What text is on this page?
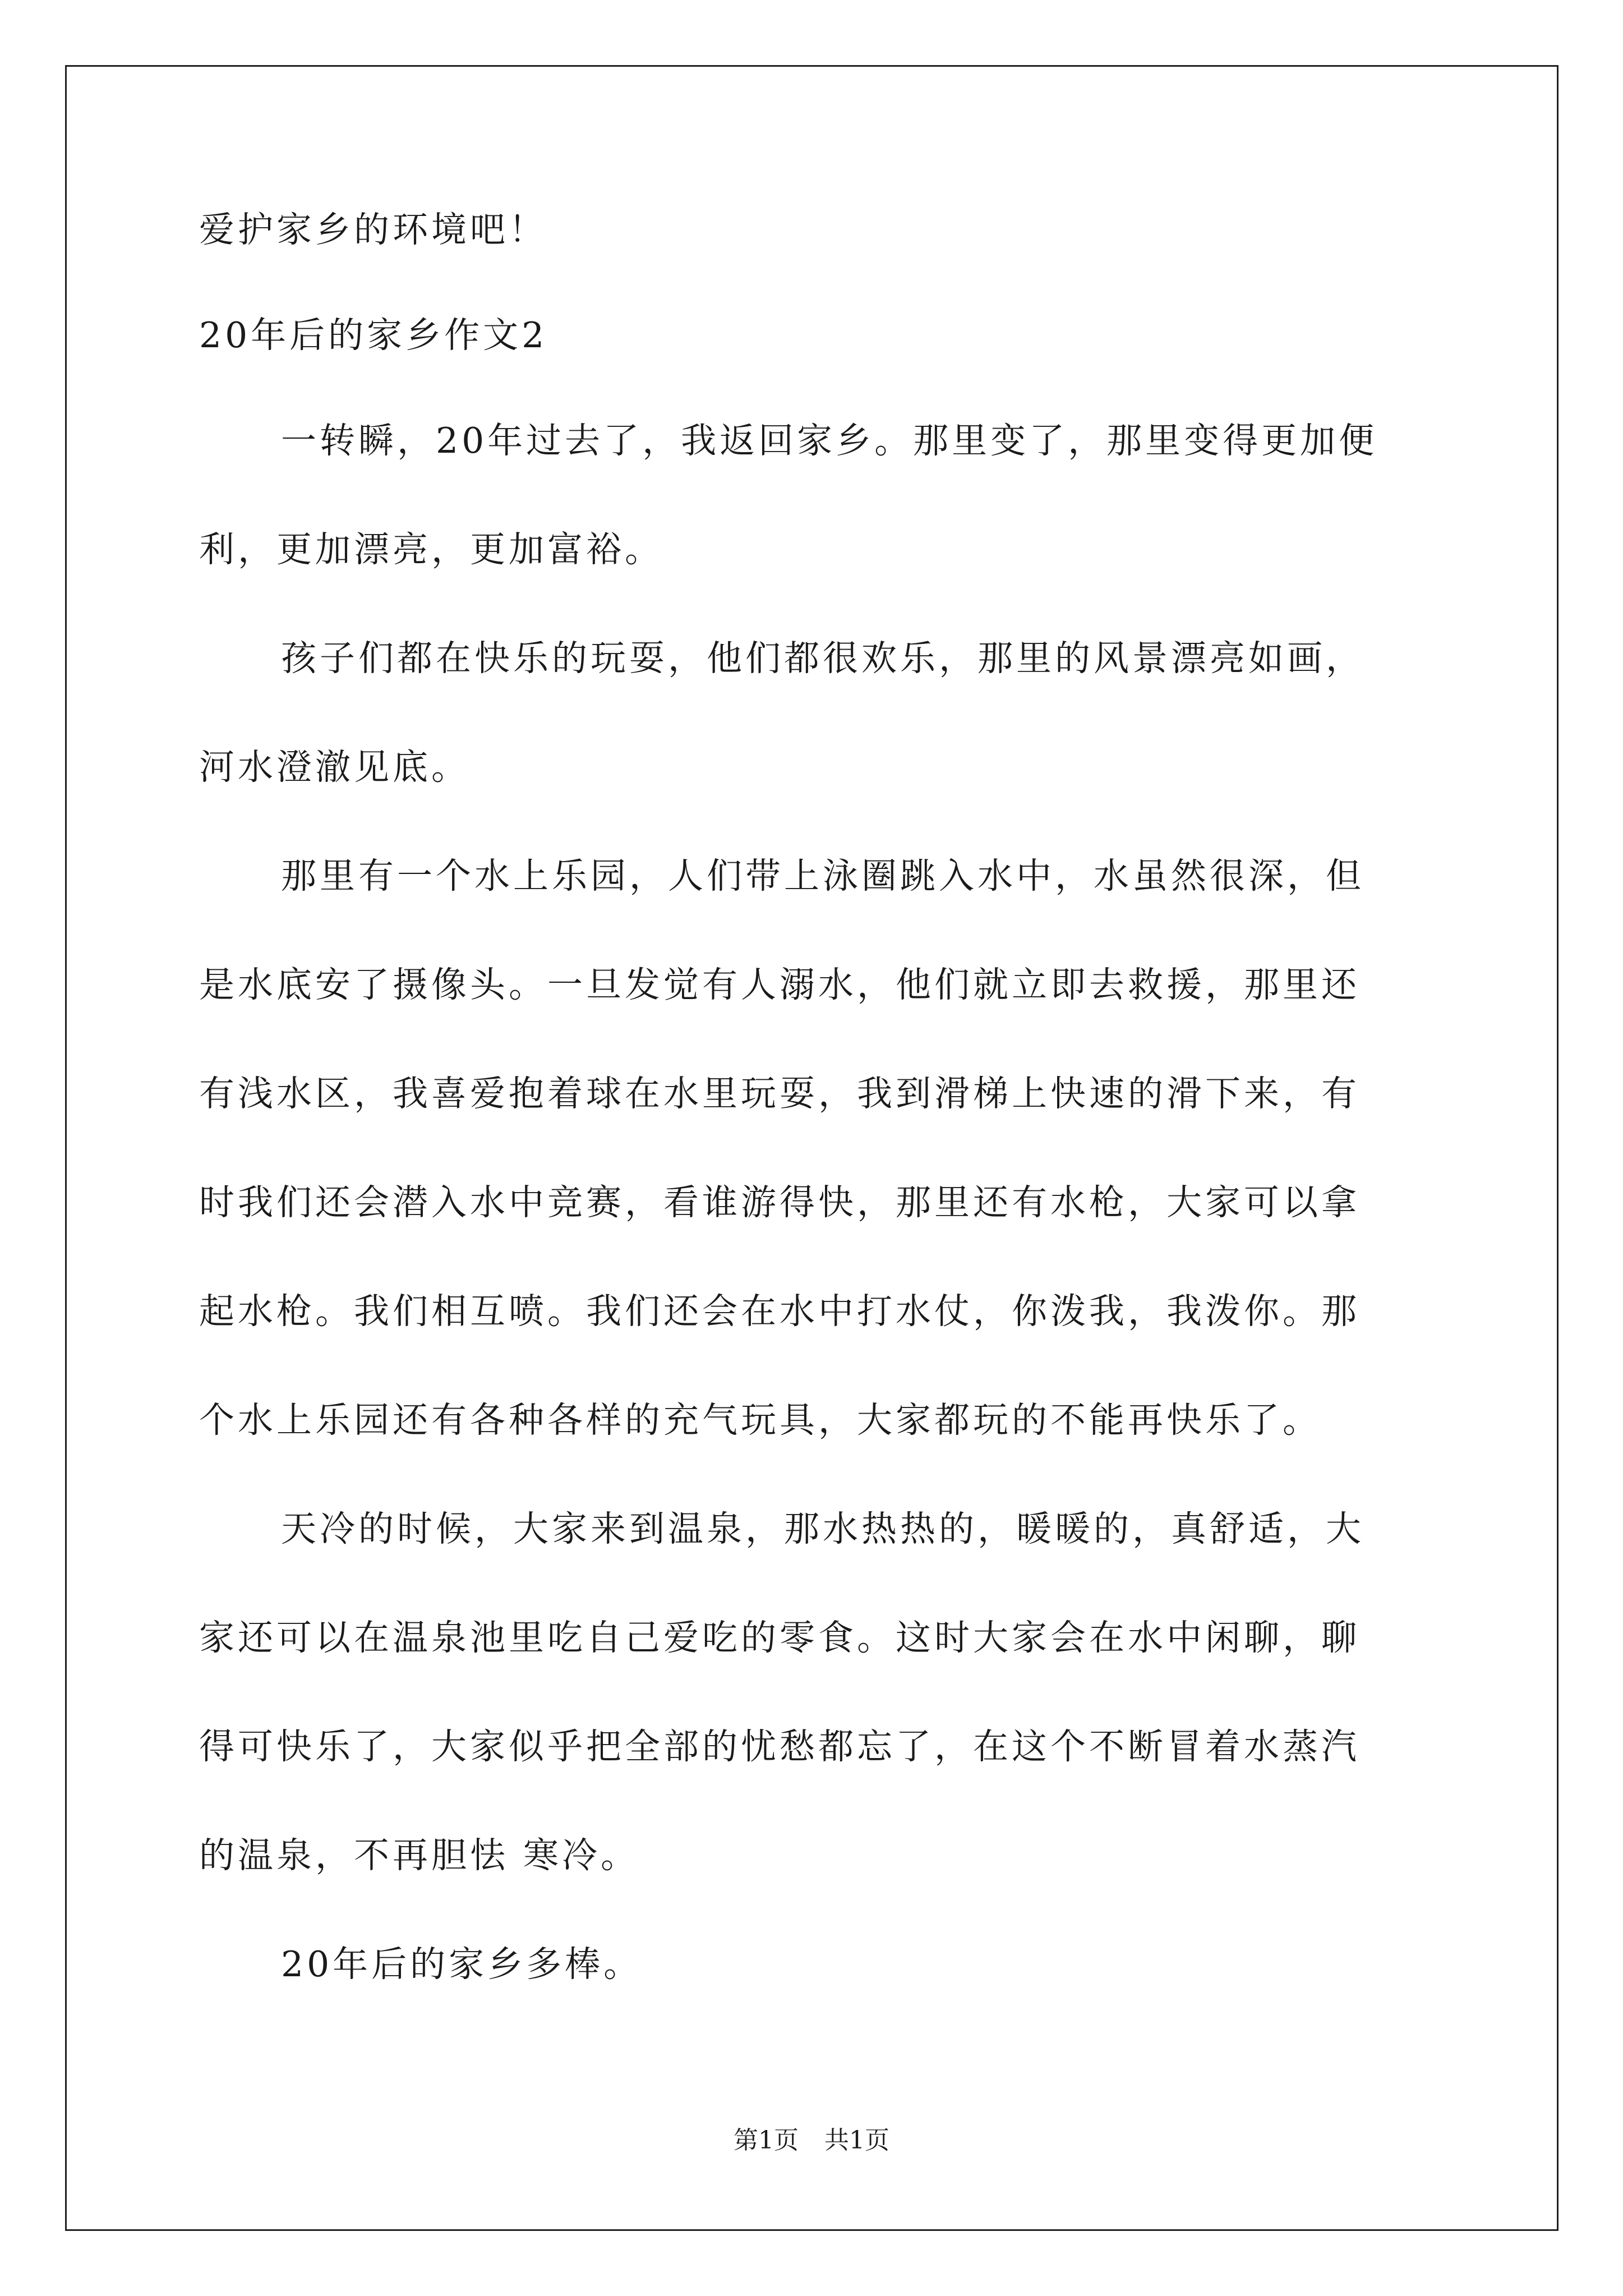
爱护家乡的环境吧！

20年后的家乡作文2

一转瞬，20年过去了，我返回家乡。那里变了，那里变得更加便

利，更加漂亮，更加富裕。

孩子们都在快乐的玩耍，他们都很欢乐，那里的风景漂亮如画，

河水澄澈见底。

那里有一个水上乐园，人们带上泳圈跳入水中，水虽然很深，但

是水底安了摄像头。一旦发觉有人溺水，他们就立即去救援，那里还

有浅水区，我喜爱抱着球在水里玩耍，我到滑梯上快速的滑下来，有

时我们还会潜入水中竞赛，看谁游得快，那里还有水枪，大家可以拿

起水枪。我们相互喷。我们还会在水中打水仗，你泼我，我泼你。那

个水上乐园还有各种各样的充气玩具，大家都玩的不能再快乐了。

天冷的时候，大家来到温泉，那水热热的，暖暖的，真舒适，大

家还可以在温泉池里吃自己爱吃的零食。这时大家会在水中闲聊，聊

得可快乐了，大家似乎把全部的忧愁都忘了，在这个不断冒着水蒸汽

的温泉，不再胆怯 寒冷。

20年后的家乡多棒。

第1页 共1页
